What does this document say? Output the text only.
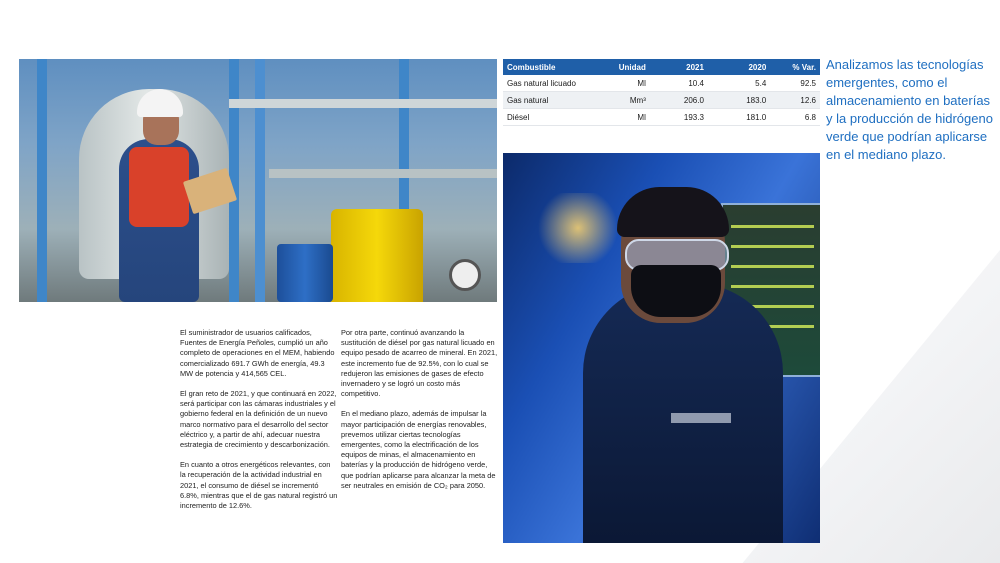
Combustible	Unidad	2021	2020	% Var.
Gas natural licuado	Ml	10.4	5.4	92.5
Gas natural	Mm³	206.0	183.0	12.6
Diésel	Ml	193.3	181.0	6.8
Analizamos las tecnologías emergentes, como el almacenamiento en baterías y la producción de hidrógeno verde que podrían aplicarse en el mediano plazo.

El suministrador de usuarios calificados, Fuentes de Energía Peñoles, cumplió un año completo de operaciones en el MEM, habiendo comercializado 691.7 GWh de energía, 49.3 MW de potencia y 414,565 CEL.

El gran reto de 2021, y que continuará en 2022, será participar con las cámaras industriales y el gobierno federal en la definición de un nuevo marco normativo para el desarrollo del sector eléctrico y, a partir de ahí, adecuar nuestra estrategia de crecimiento y descarbonización.

En cuanto a otros energéticos relevantes, con la recuperación de la actividad industrial en 2021, el consumo de diésel se incrementó 6.8%, mientras que el de gas natural registró un incremento de 12.6%.

Por otra parte, continuó avanzando la sustitución de diésel por gas natural licuado en equipo pesado de acarreo de mineral. En 2021, este incremento fue de 92.5%, con lo cual se redujeron las emisiones de gases de efecto invernadero y se logró un costo más competitivo.

En el mediano plazo, además de impulsar la mayor participación de energías renovables, prevemos utilizar ciertas tecnologías emergentes, como la electrificación de los equipos de minas, el almacenamiento en baterías y la producción de hidrógeno verde, que podrían aplicarse para alcanzar la meta de ser neutrales en emisión de CO₂ para 2050.
